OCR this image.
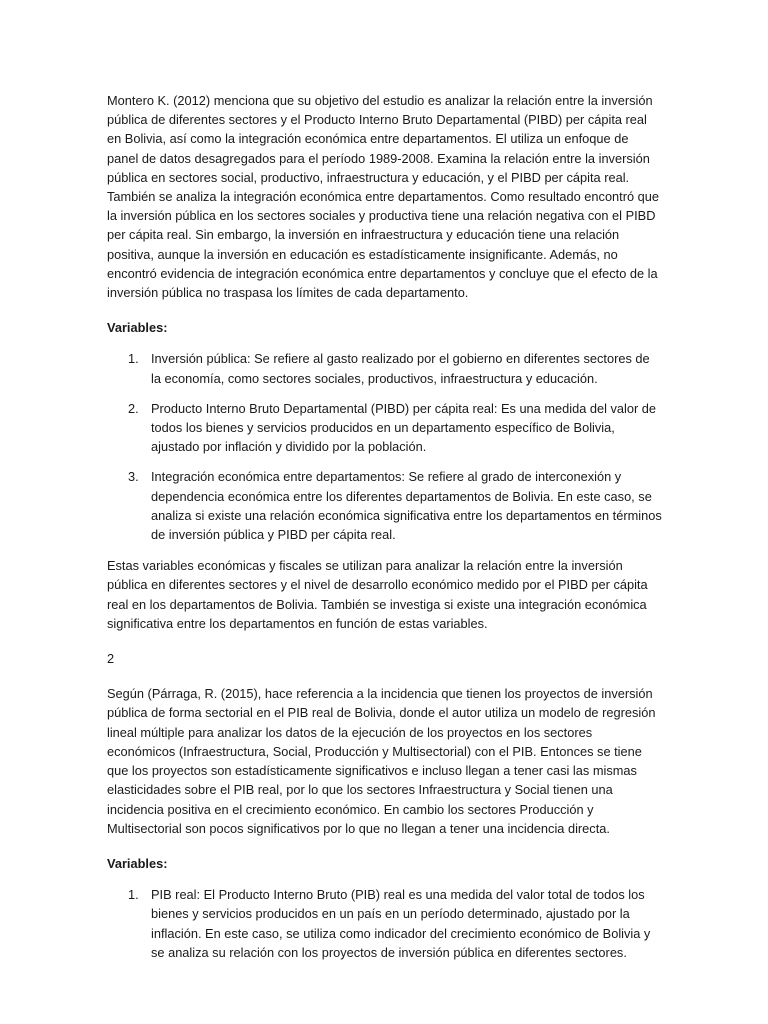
Montero K. (2012) menciona que su objetivo del estudio es analizar la relación entre la inversión pública de diferentes sectores y el Producto Interno Bruto Departamental (PIBD) per cápita real en Bolivia, así como la integración económica entre departamentos. El utiliza un enfoque de panel de datos desagregados para el período 1989-2008. Examina la relación entre la inversión pública en sectores social, productivo, infraestructura y educación, y el PIBD per cápita real. También se analiza la integración económica entre departamentos. Como resultado encontró que la inversión pública en los sectores sociales y productiva tiene una relación negativa con el PIBD per cápita real. Sin embargo, la inversión en infraestructura y educación tiene una relación positiva, aunque la inversión en educación es estadísticamente insignificante. Además, no encontró evidencia de integración económica entre departamentos y concluye que el efecto de la inversión pública no traspasa los límites de cada departamento.

Variables:

1. Inversión pública: Se refiere al gasto realizado por el gobierno en diferentes sectores de la economía, como sectores sociales, productivos, infraestructura y educación.
2. Producto Interno Bruto Departamental (PIBD) per cápita real: Es una medida del valor de todos los bienes y servicios producidos en un departamento específico de Bolivia, ajustado por inflación y dividido por la población.
3. Integración económica entre departamentos: Se refiere al grado de interconexión y dependencia económica entre los diferentes departamentos de Bolivia. En este caso, se analiza si existe una relación económica significativa entre los departamentos en términos de inversión pública y PIBD per cápita real.

Estas variables económicas y fiscales se utilizan para analizar la relación entre la inversión pública en diferentes sectores y el nivel de desarrollo económico medido por el PIBD per cápita real en los departamentos de Bolivia. También se investiga si existe una integración económica significativa entre los departamentos en función de estas variables.

2

Según (Párraga, R. (2015), hace referencia a la incidencia que tienen los proyectos de inversión pública de forma sectorial en el PIB real de Bolivia, donde el autor utiliza un modelo de regresión lineal múltiple para analizar los datos de la ejecución de los proyectos en los sectores económicos (Infraestructura, Social, Producción y Multisectorial) con el PIB. Entonces se tiene que los proyectos son estadísticamente significativos e incluso llegan a tener casi las mismas elasticidades sobre el PIB real, por lo que los sectores Infraestructura y Social tienen una incidencia positiva en el crecimiento económico. En cambio los sectores Producción y Multisectorial son pocos significativos por lo que no llegan a tener una incidencia directa.

Variables:

1. PIB real: El Producto Interno Bruto (PIB) real es una medida del valor total de todos los bienes y servicios producidos en un país en un período determinado, ajustado por la inflación. En este caso, se utiliza como indicador del crecimiento económico de Bolivia y se analiza su relación con los proyectos de inversión pública en diferentes sectores.
